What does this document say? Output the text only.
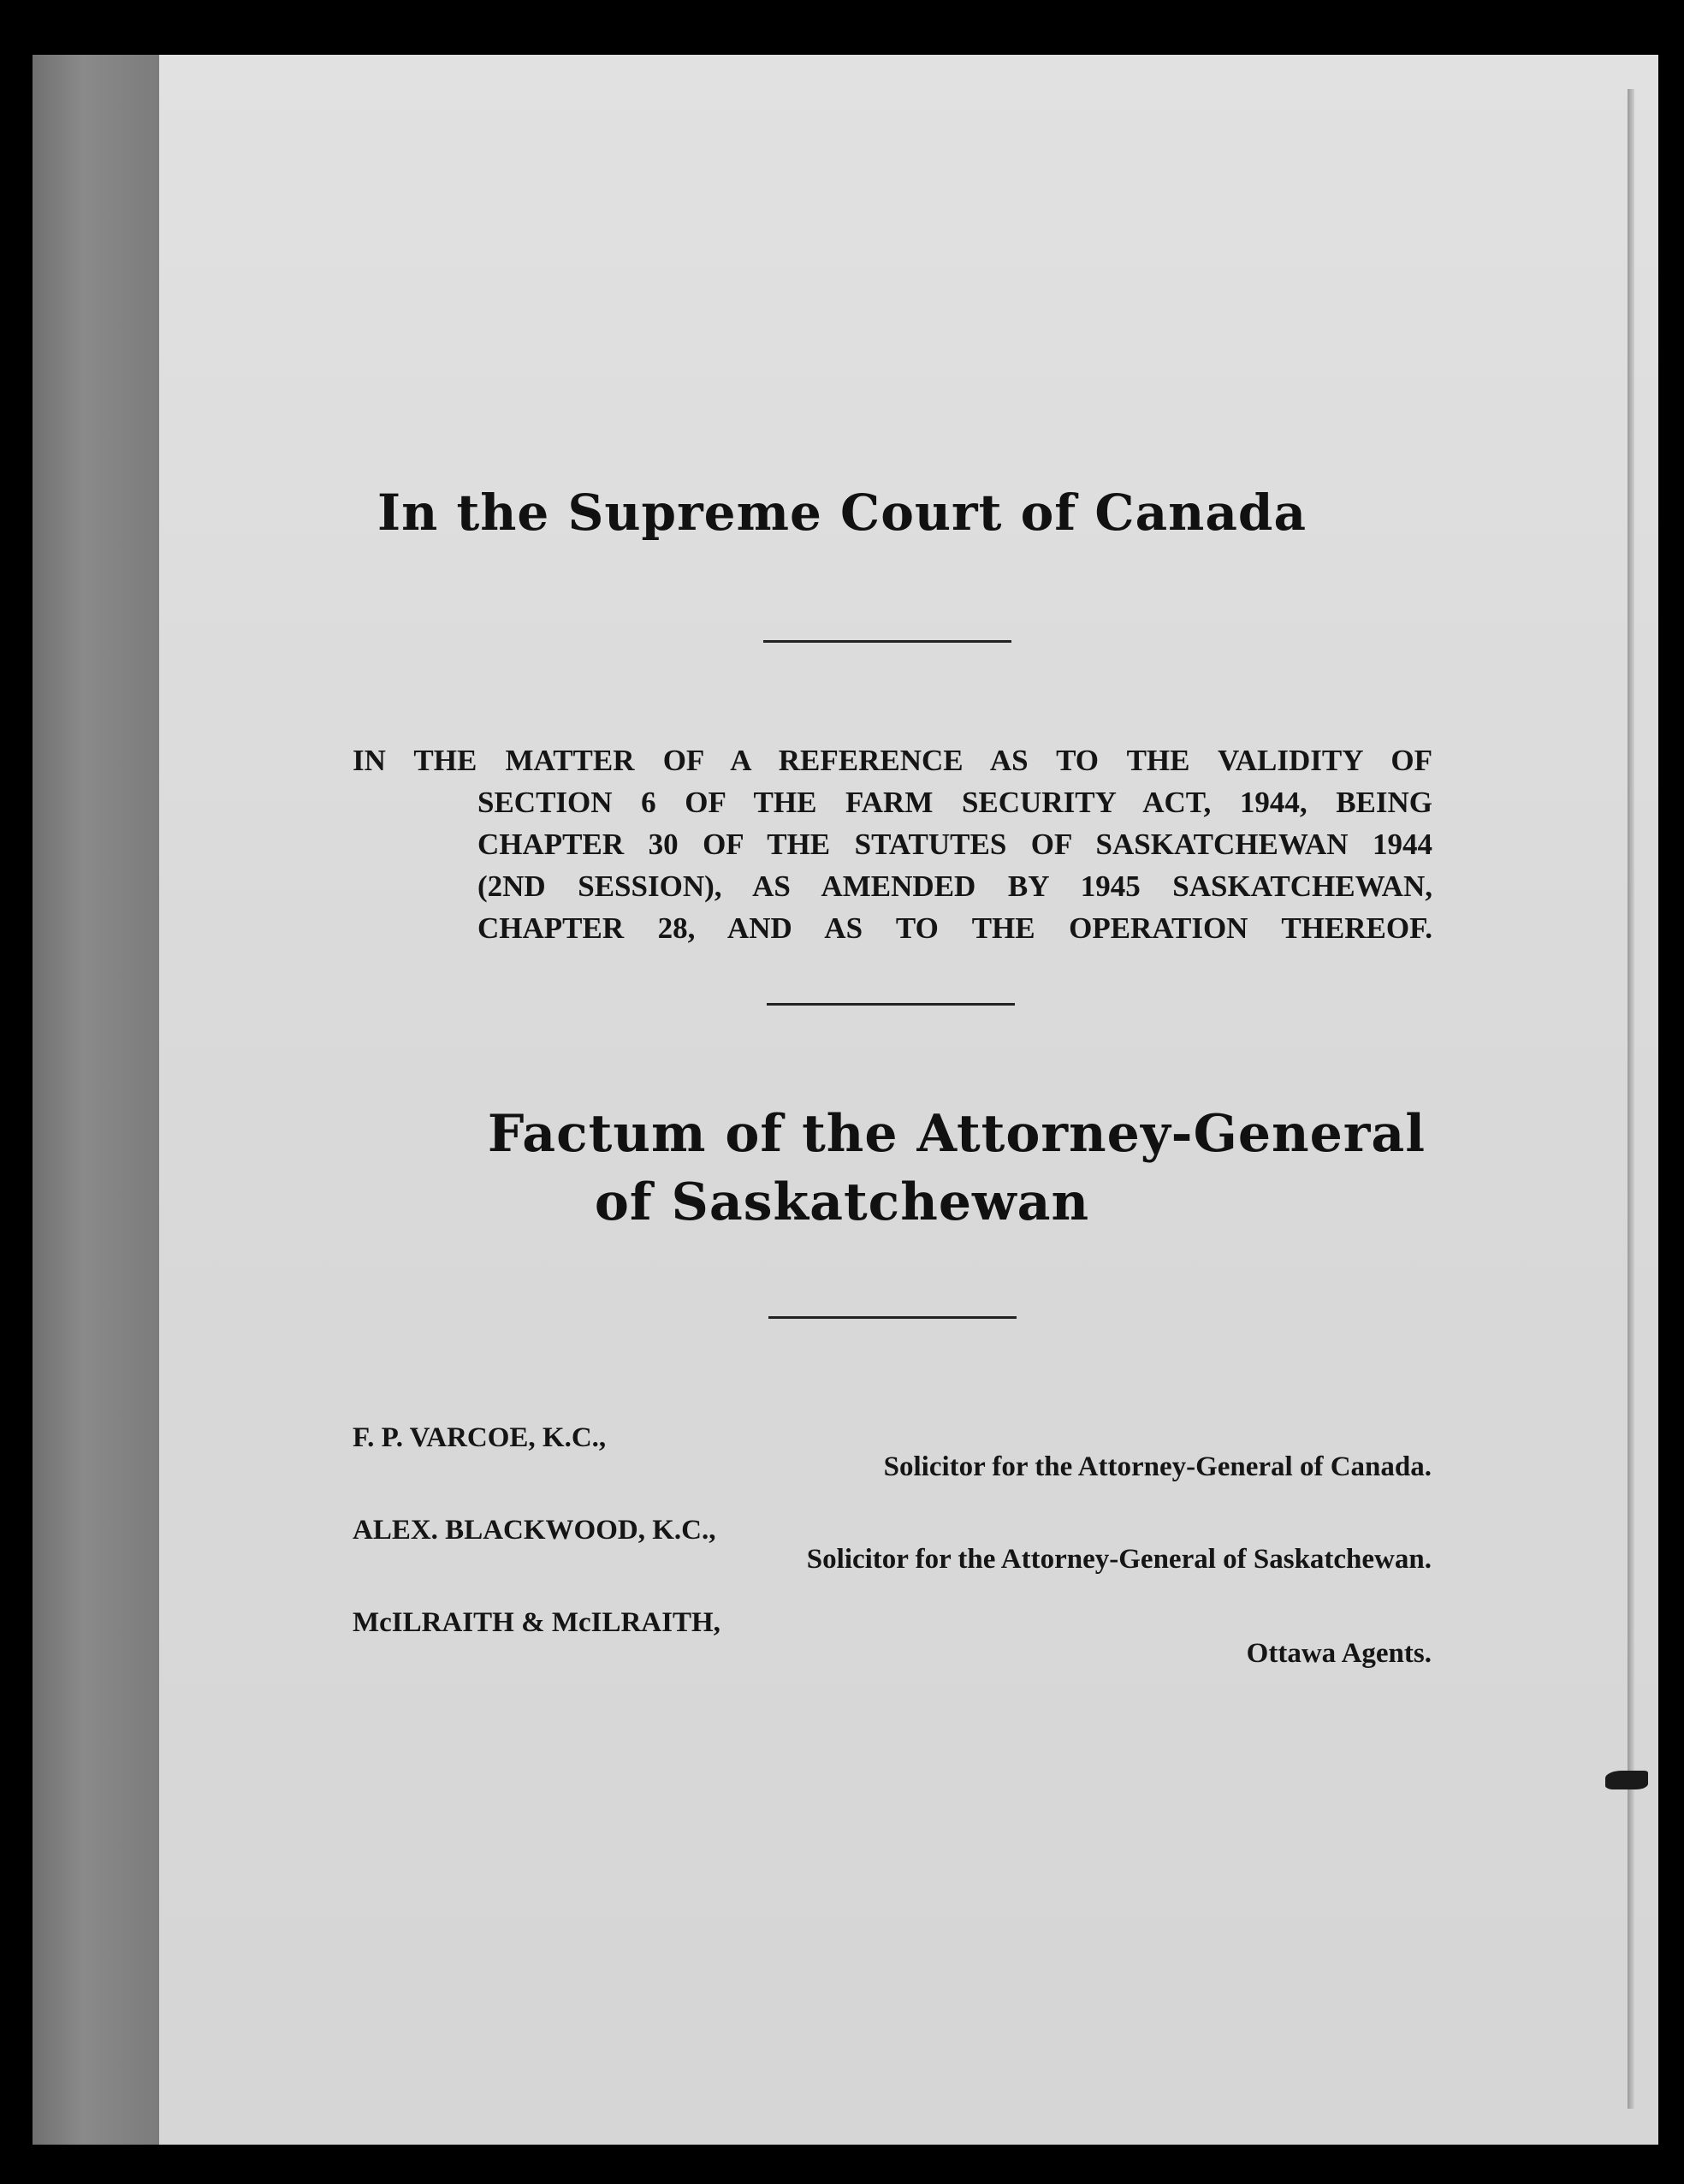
In the Supreme Court of Canada
IN THE MATTER OF A REFERENCE AS TO THE VALIDITY OF
SECTION 6 OF THE FARM SECURITY ACT, 1944, BEING
CHAPTER 30 OF THE STATUTES OF SASKATCHEWAN 1944
(2ND SESSION), AS AMENDED BY 1945 SASKATCHEWAN,
CHAPTER 28, AND AS TO THE OPERATION THEREOF.
Factum of the Attorney-General
of Saskatchewan
F. P. VARCOE, K.C.,
Solicitor for the Attorney-General of Canada.
ALEX. BLACKWOOD, K.C.,
Solicitor for the Attorney-General of Saskatchewan.
McILRAITH & McILRAITH,
Ottawa Agents.
